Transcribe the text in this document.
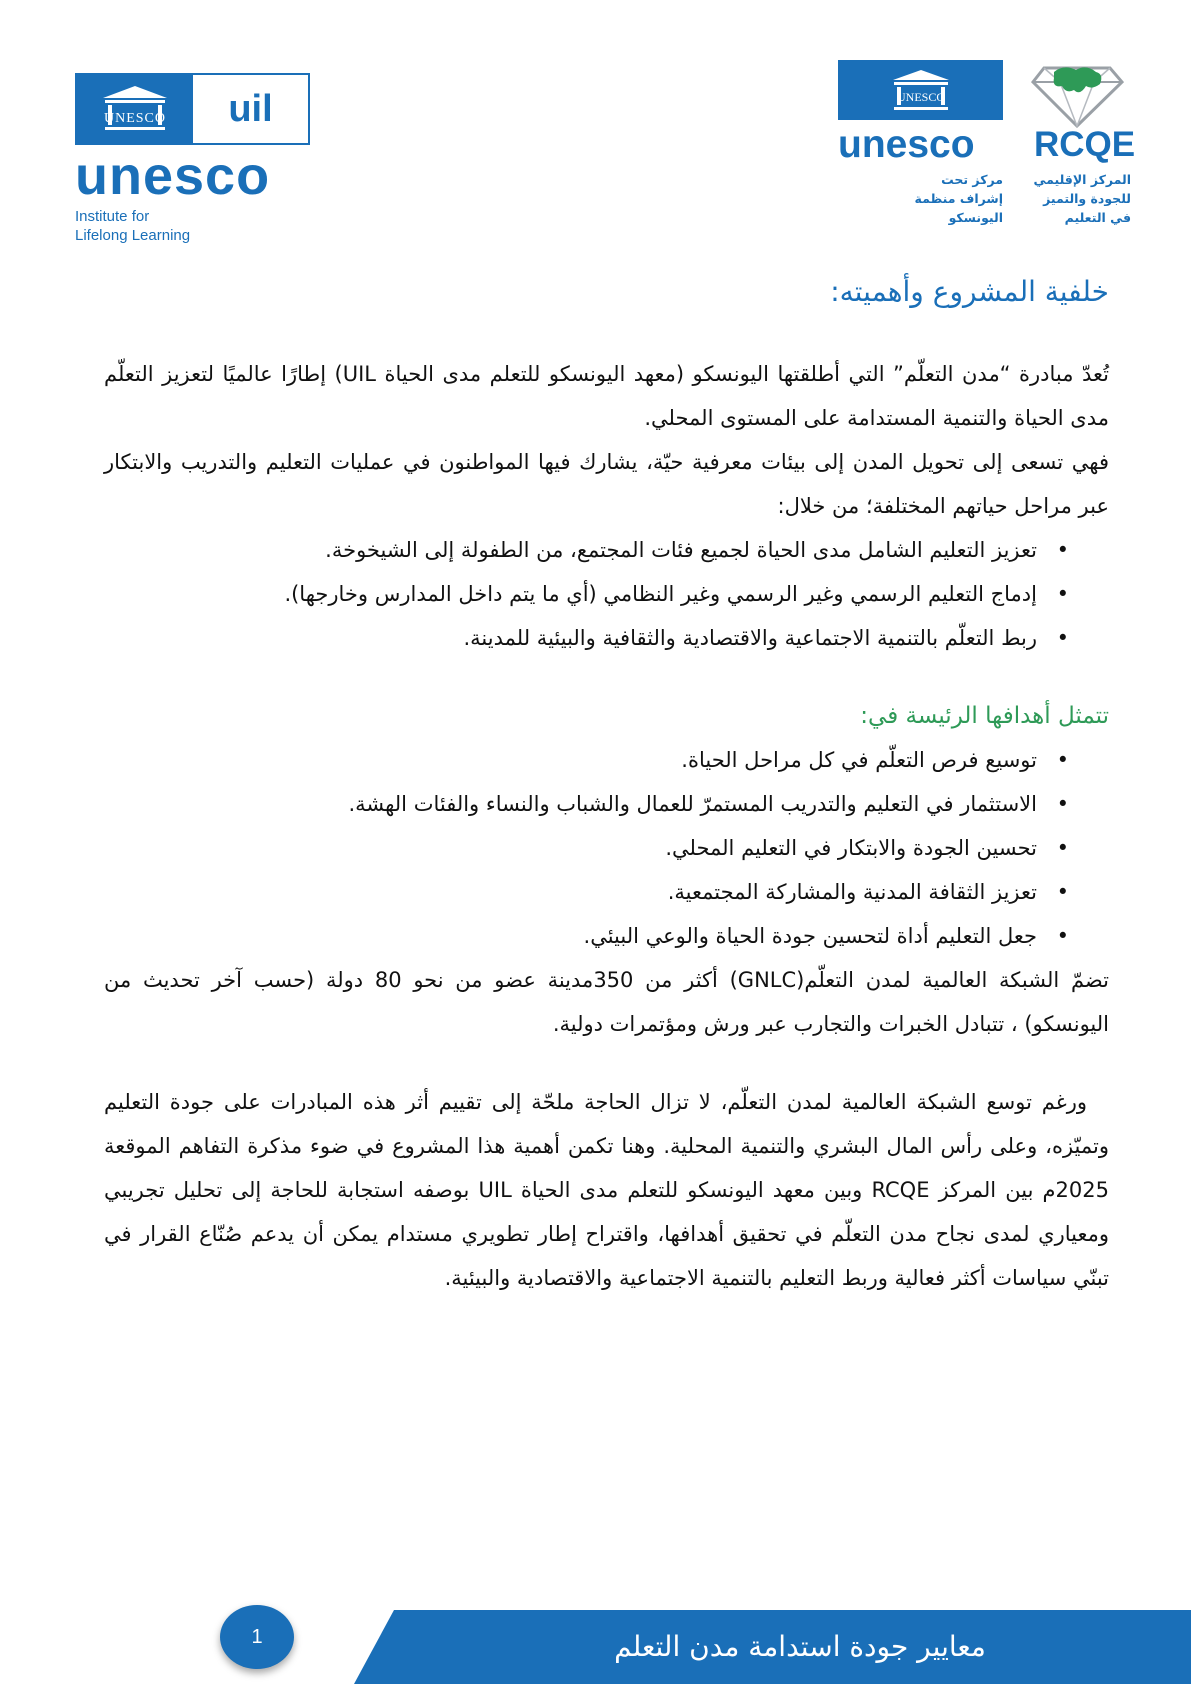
UNESCO	uil
unesco
Institute for
Lifelong Learning
UNESCO
unesco
مركز تحت
إشراف منظمة
اليونسكو
RCQE
المركز الإقليمي
للجودة والتميز
في التعليم
خلفية المشروع وأهميته:

تُعدّ مبادرة “مدن التعلّم” التي أطلقتها اليونسكو (معهد اليونسكو للتعلم مدى الحياة UIL) إطارًا عالميًا لتعزيز التعلّم مدى الحياة والتنمية المستدامة على المستوى المحلي.

فهي تسعى إلى تحويل المدن إلى بيئات معرفية حيّة، يشارك فيها المواطنون في عمليات التعليم والتدريب والابتكار عبر مراحل حياتهم المختلفة؛ من خلال:

•
تعزيز التعليم الشامل مدى الحياة لجميع فئات المجتمع، من الطفولة إلى الشيخوخة.
•
إدماج التعليم الرسمي وغير الرسمي وغير النظامي (أي ما يتم داخل المدارس وخارجها).
•
ربط التعلّم بالتنمية الاجتماعية والاقتصادية والثقافية والبيئية للمدينة.
تتمثل أهدافها الرئيسة في:
•
توسيع فرص التعلّم في كل مراحل الحياة.
•
الاستثمار في التعليم والتدريب المستمرّ للعمال والشباب والنساء والفئات الهشة.
•
تحسين الجودة والابتكار في التعليم المحلي.
•
تعزيز الثقافة المدنية والمشاركة المجتمعية.
•
جعل التعليم أداة لتحسين جودة الحياة والوعي البيئي.

تضمّ الشبكة العالمية لمدن التعلّم(GNLC) أكثر من 350مدينة عضو من نحو 80 دولة (حسب آخر تحديث من اليونسكو) ، تتبادل الخبرات والتجارب عبر ورش ومؤتمرات دولية.

ورغم توسع الشبكة العالمية لمدن التعلّم، لا تزال الحاجة ملحّة إلى تقييم أثر هذه المبادرات على جودة التعليم وتميّزه، وعلى رأس المال البشري والتنمية المحلية. وهنا تكمن أهمية هذا المشروع في ضوء مذكرة التفاهم الموقعة 2025م بين المركز RCQE وبين معهد اليونسكو للتعلم مدى الحياة UIL بوصفه استجابة للحاجة إلى تحليل تجريبي ومعياري لمدى نجاح مدن التعلّم في تحقيق أهدافها، واقتراح إطار تطويري مستدام يمكن أن يدعم صُنّاع القرار في تبنّي سياسات أكثر فعالية وربط التعليم بالتنمية الاجتماعية والاقتصادية والبيئية.

معايير جودة استدامة مدن التعلم
1
